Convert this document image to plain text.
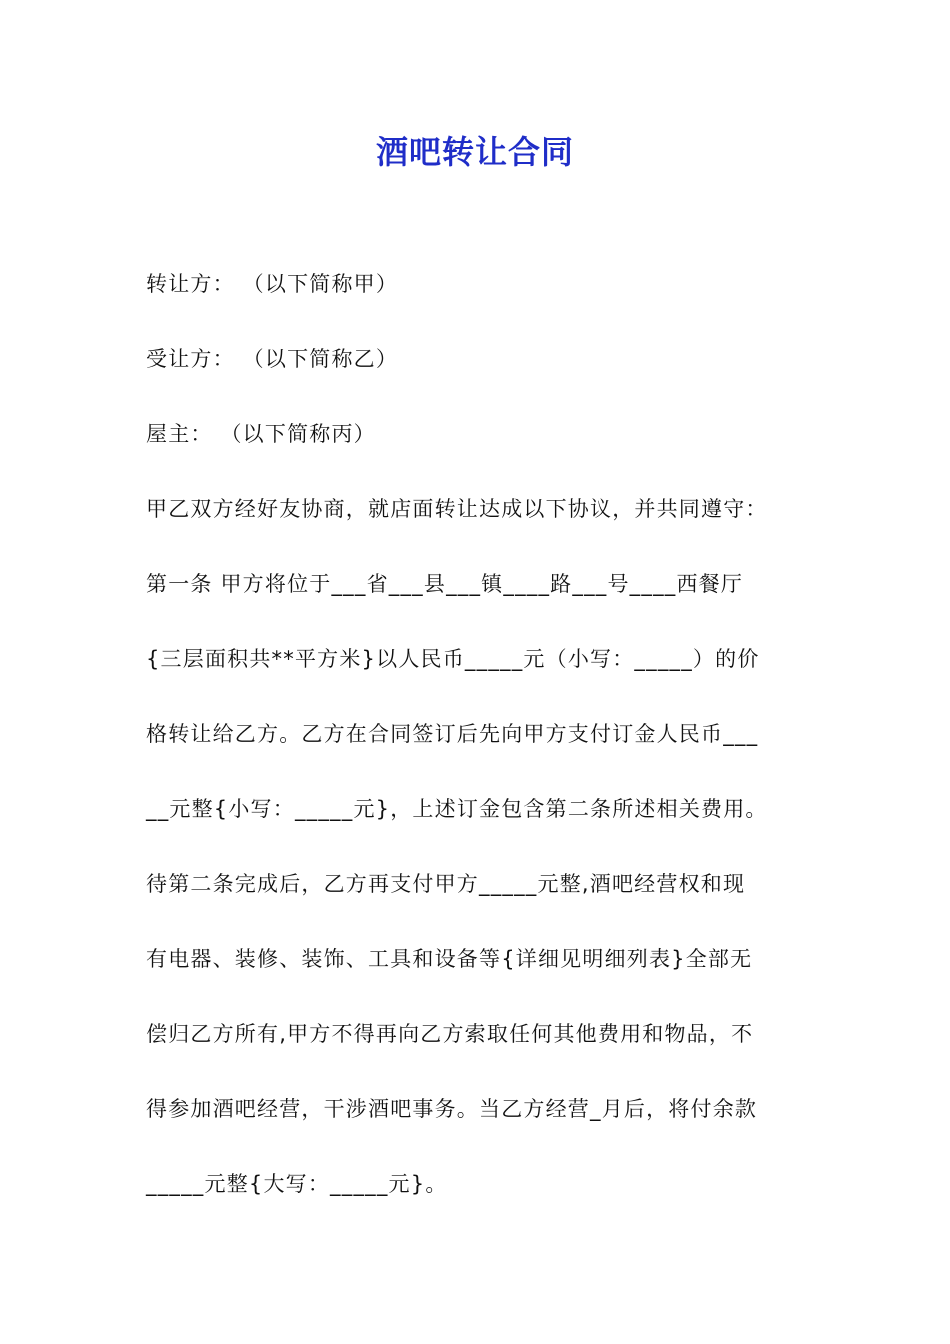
酒吧转让合同
转让方： （以下简称甲）
受让方： （以下简称乙）
屋主： （以下简称丙）
甲乙双方经好友协商，就店面转让达成以下协议，并共同遵守：
第一条 甲方将位于___省___县___镇____路___号____西餐厅
{三层面积共**平方米}以人民币_____元（小写：_____）的价
格转让给乙方。乙方在合同签订后先向甲方支付订金人民币___
__元整{小写：_____元}，上述订金包含第二条所述相关费用。
待第二条完成后，乙方再支付甲方_____元整,酒吧经营权和现
有电器、装修、装饰、工具和设备等{详细见明细列表}全部无
偿归乙方所有,甲方不得再向乙方索取任何其他费用和物品，不
得参加酒吧经营，干涉酒吧事务。当乙方经营_月后，将付余款
_____元整{大写：_____元}。
